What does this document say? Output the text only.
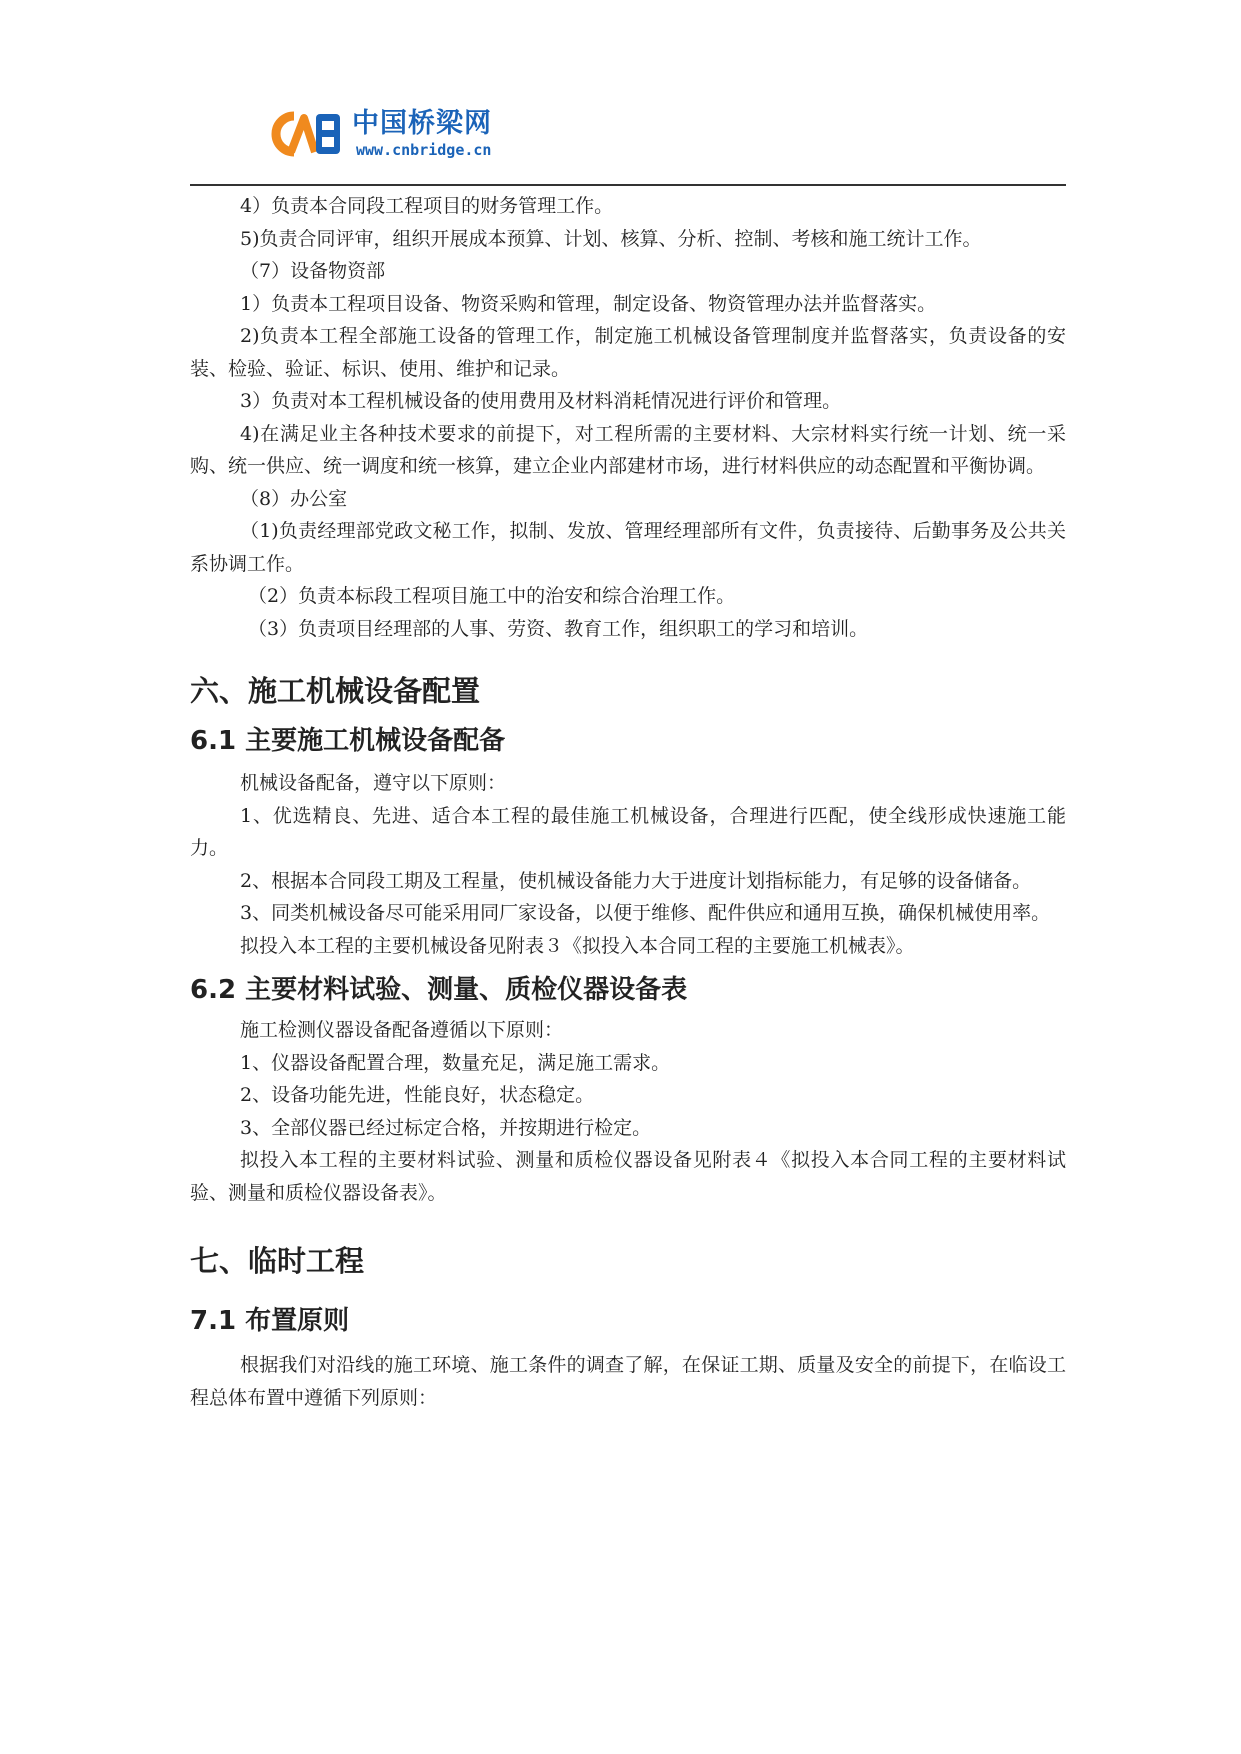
中国桥梁网
www.cnbridge.cn

4）负责本合同段工程项目的财务管理工作。

5)负责合同评审，组织开展成本预算、计划、核算、分析、控制、考核和施工统计工作。

（7）设备物资部

1）负责本工程项目设备、物资采购和管理，制定设备、物资管理办法并监督落实。

2)负责本工程全部施工设备的管理工作，制定施工机械设备管理制度并监督落实，负责设备的安装、检验、验证、标识、使用、维护和记录。

3）负责对本工程机械设备的使用费用及材料消耗情况进行评价和管理。

4)在满足业主各种技术要求的前提下，对工程所需的主要材料、大宗材料实行统一计划、统一采购、统一供应、统一调度和统一核算，建立企业内部建材市场，进行材料供应的动态配置和平衡协调。

（8）办公室

（1)负责经理部党政文秘工作，拟制、发放、管理经理部所有文件，负责接待、后勤事务及公共关系协调工作。

（2）负责本标段工程项目施工中的治安和综合治理工作。

（3）负责项目经理部的人事、劳资、教育工作，组织职工的学习和培训。

六、施工机械设备配置
6.1 主要施工机械设备配备

机械设备配备，遵守以下原则：

1、优选精良、先进、适合本工程的最佳施工机械设备，合理进行匹配，使全线形成快速施工能力。

2、根据本合同段工期及工程量，使机械设备能力大于进度计划指标能力，有足够的设备储备。

3、同类机械设备尽可能采用同厂家设备，以便于维修、配件供应和通用互换，确保机械使用率。

拟投入本工程的主要机械设备见附表３《拟投入本合同工程的主要施工机械表》。

6.2 主要材料试验、测量、质检仪器设备表

施工检测仪器设备配备遵循以下原则：

1、仪器设备配置合理，数量充足，满足施工需求。

2、设备功能先进，性能良好，状态稳定。

3、全部仪器已经过标定合格，并按期进行检定。

拟投入本工程的主要材料试验、测量和质检仪器设备见附表４《拟投入本合同工程的主要材料试验、测量和质检仪器设备表》。

七、临时工程
7.1 布置原则

根据我们对沿线的施工环境、施工条件的调查了解，在保证工期、质量及安全的前提下，在临设工程总体布置中遵循下列原则：
